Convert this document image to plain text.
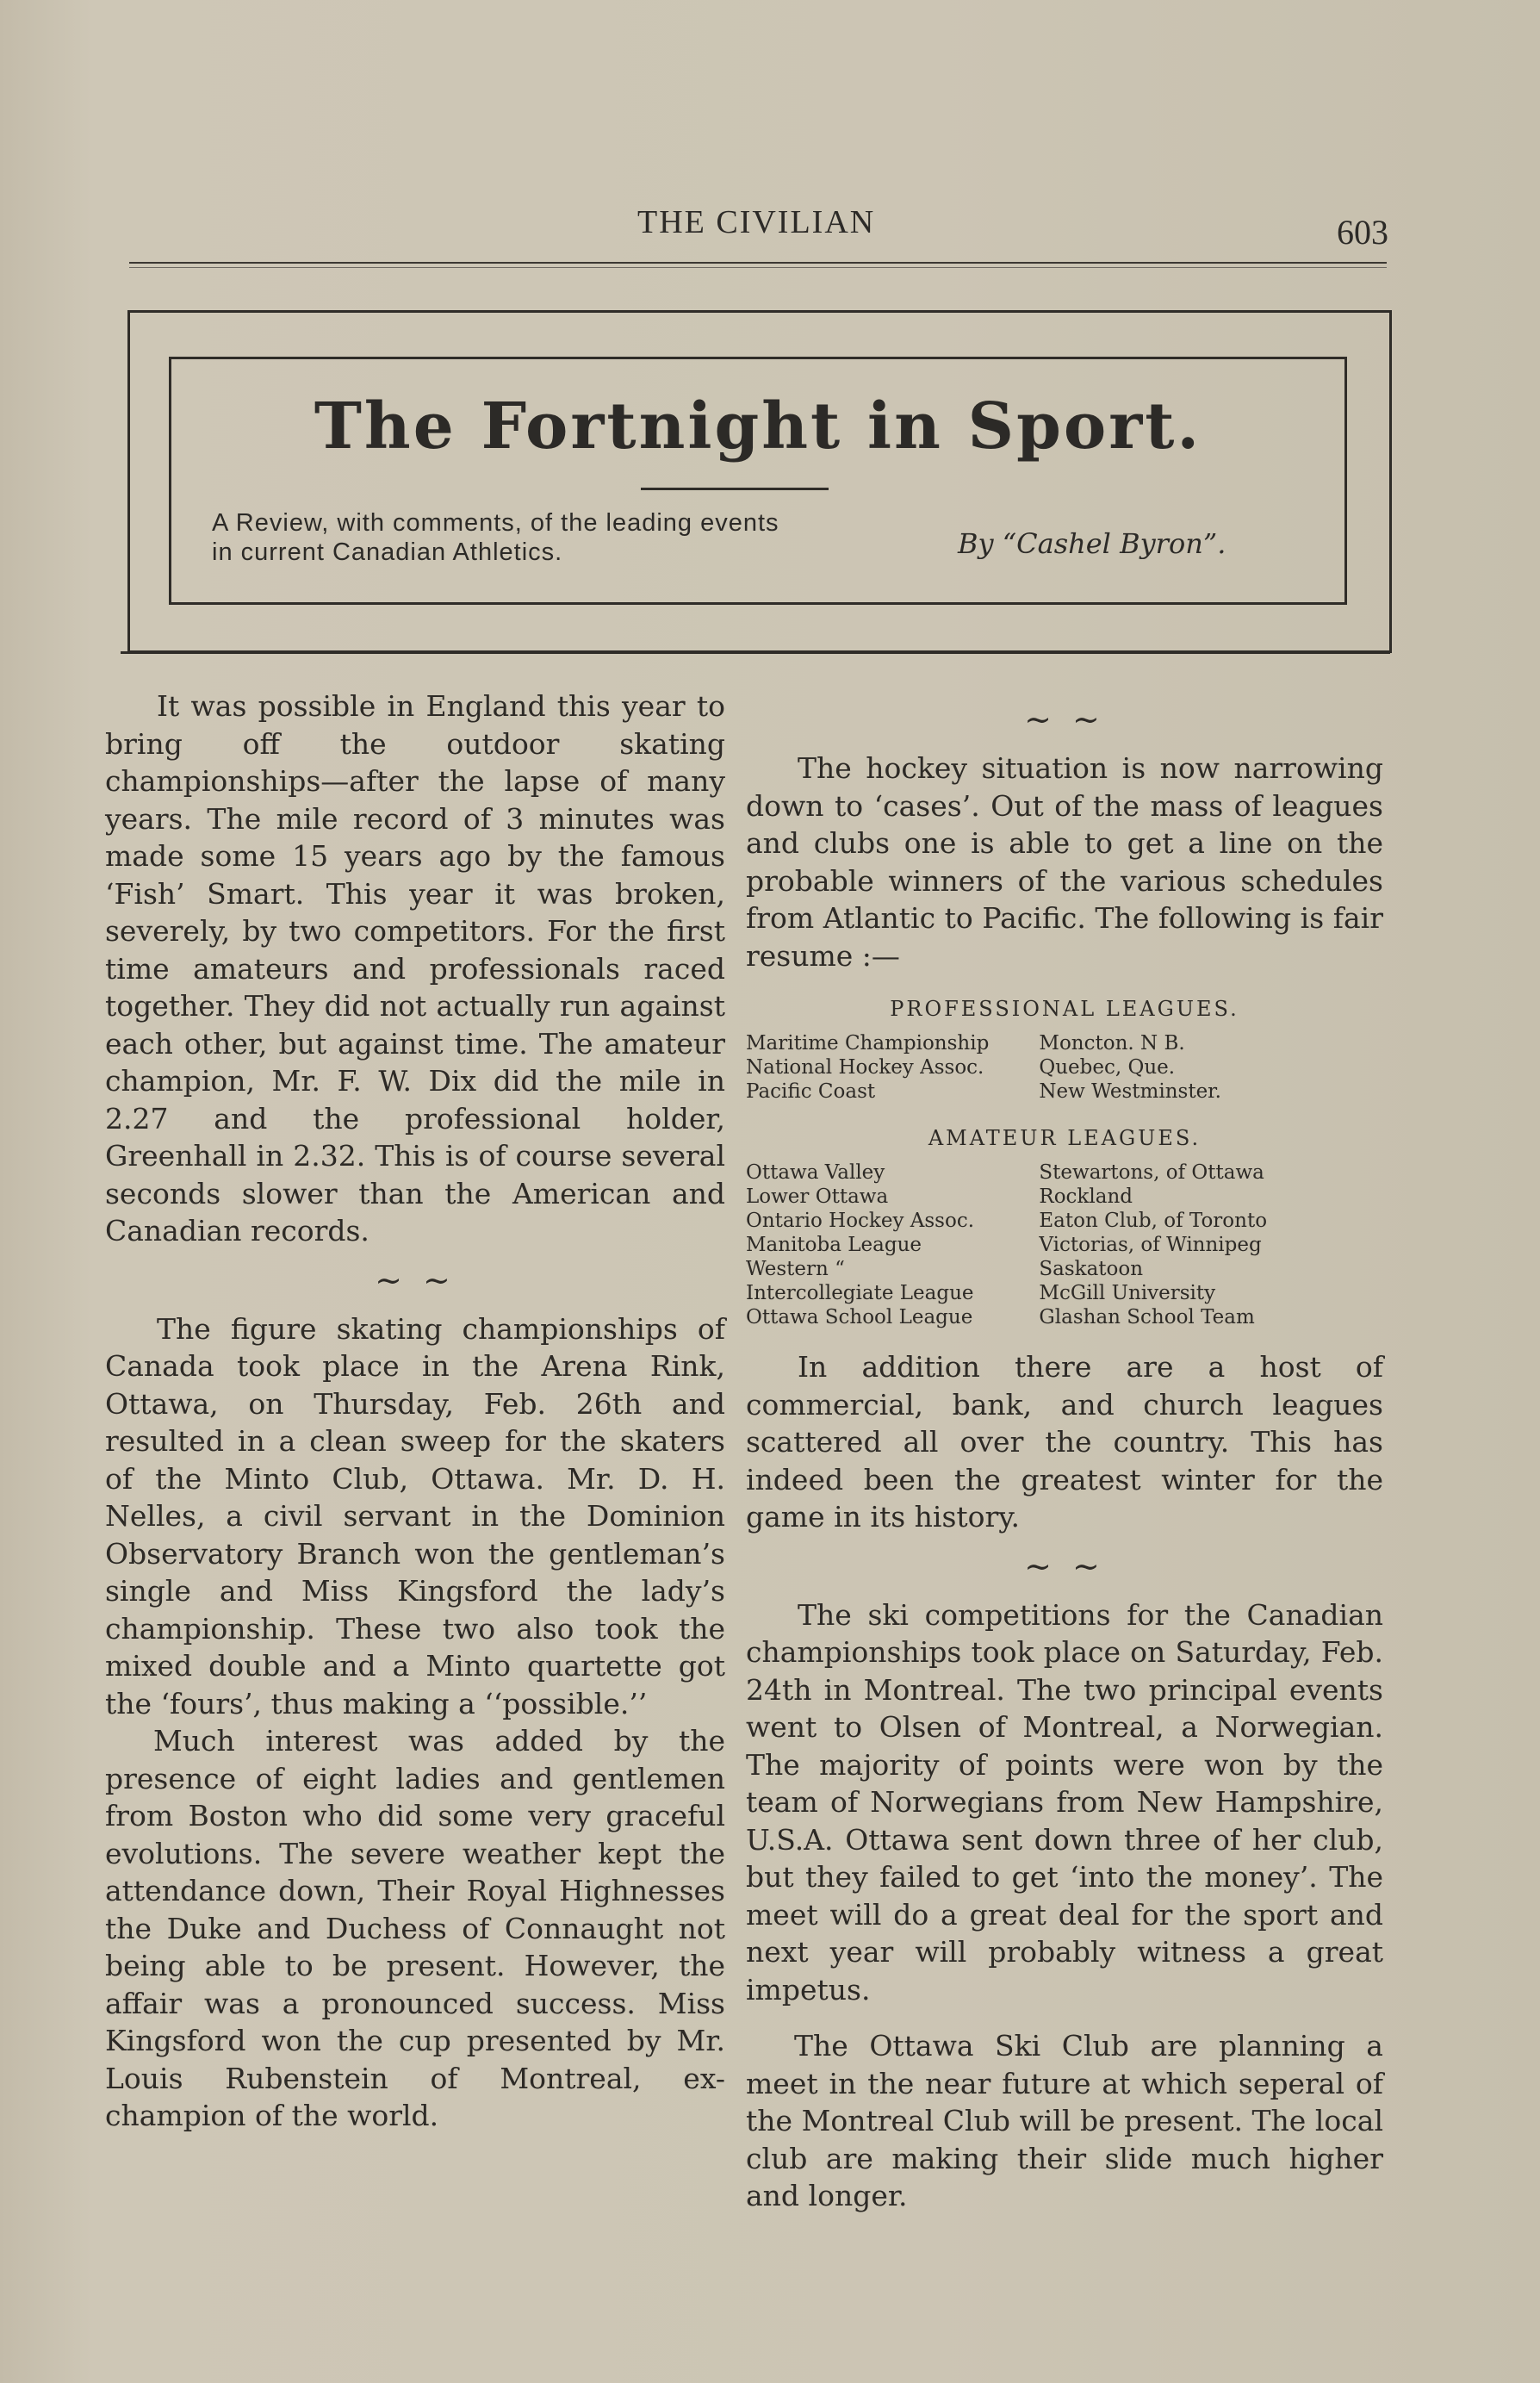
THE CIVILIAN	603
The Fortnight in Sport.
A Review, with comments, of the leading events in current Canadian Athletics.	By “Cashel Byron”.

It was possible in England this year to bring off the outdoor skating championships—after the lapse of many years. The mile record of 3 minutes was made some 15 years ago by the famous ‘Fish’ Smart. This year it was broken, severely, by two competitors. For the first time amateurs and professionals raced together. They did not actually run against each other, but against time. The amateur champion, Mr. F. W. Dix did the mile in 2.27 and the professional holder, Greenhall in 2.32. This is of course several seconds slower than the American and Canadian records.

∼ ∼

The figure skating championships of Canada took place in the Arena Rink, Ottawa, on Thursday, Feb. 26th and resulted in a clean sweep for the skaters of the Minto Club, Ottawa. Mr. D. H. Nelles, a civil servant in the Dominion Observatory Branch won the gentleman’s single and Miss Kingsford the lady’s championship. These two also took the mixed double and a Minto quartette got the ‘fours’, thus making a ‘‘possible.’’

Much interest was added by the presence of eight ladies and gentlemen from Boston who did some very graceful evolutions. The severe weather kept the attendance down, Their Royal Highnesses the Duke and Duchess of Connaught not being able to be present. However, the affair was a pronounced success. Miss Kingsford won the cup presented by Mr. Louis Rubenstein of Montreal, ex-champion of the world.

∼ ∼

The hockey situation is now narrowing down to ‘cases’. Out of the mass of leagues and clubs one is able to get a line on the probable winners of the various schedules from Atlantic to Pacific. The following is fair resume :—

PROFESSIONAL LEAGUES.
Maritime Championship	Moncton. N B.
National Hockey Assoc.	Quebec, Que.
Pacific Coast	New Westminster.
AMATEUR LEAGUES.
Ottawa Valley	Stewartons, of Ottawa
Lower Ottawa	Rockland
Ontario Hockey Assoc.	Eaton Club, of Toronto
Manitoba League	Victorias, of Winnipeg
Western “	Saskatoon
Intercollegiate League	McGill University
Ottawa School League	Glashan School Team

In addition there are a host of commercial, bank, and church leagues scattered all over the country. This has indeed been the greatest winter for the game in its history.

∼ ∼

The ski competitions for the Canadian championships took place on Saturday, Feb. 24th in Montreal. The two principal events went to Olsen of Montreal, a Norwegian. The majority of points were won by the team of Norwegians from New Hampshire, U.S.A. Ottawa sent down three of her club, but they failed to get ‘into the money’. The meet will do a great deal for the sport and next year will probably witness a great impetus.

The Ottawa Ski Club are planning a meet in the near future at which seperal of the Montreal Club will be present. The local club are making their slide much higher and longer.
